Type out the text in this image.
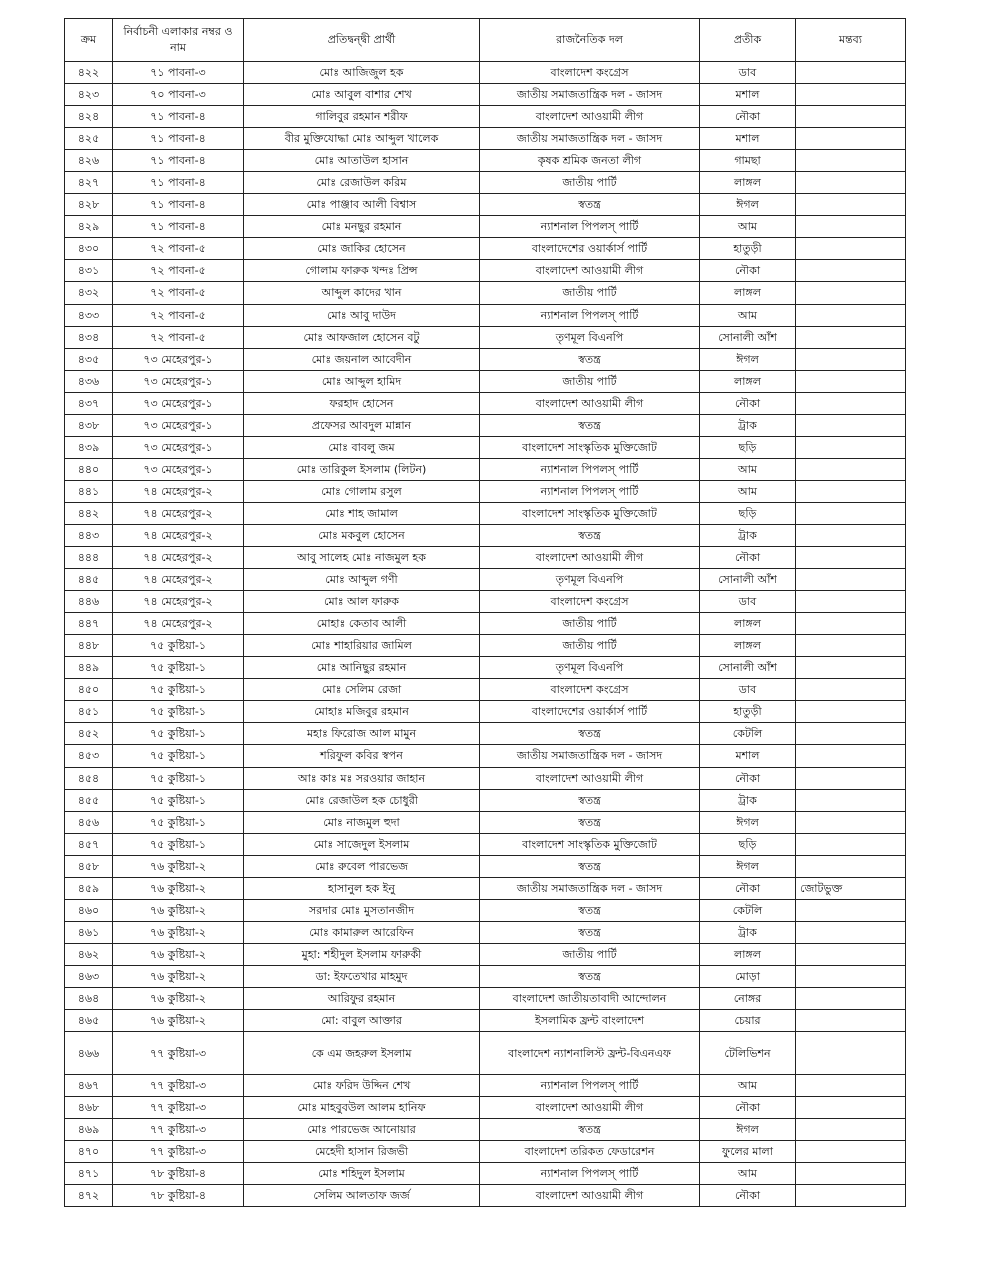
ক্রম	নির্বাচনী এলাকার নম্বর ও নাম	প্রতিদ্বন্দ্বী প্রার্থী	রাজনৈতিক দল	প্রতীক	মন্তব্য
৪২২	৭১ পাবনা-৩	মোঃ আজিজুল হক	বাংলাদেশ কংগ্রেস	ডাব	
৪২৩	৭০ পাবনা-৩	মোঃ আবুল বাশার শেখ	জাতীয় সমাজতান্ত্রিক দল - জাসদ	মশাল	
৪২৪	৭১ পাবনা-৪	গালিবুর রহমান শরীফ	বাংলাদেশ আওয়ামী লীগ	নৌকা	
৪২৫	৭১ পাবনা-৪	বীর মুক্তিযোদ্ধা মোঃ আব্দুল খালেক	জাতীয় সমাজতান্ত্রিক দল - জাসদ	মশাল	
৪২৬	৭১ পাবনা-৪	মোঃ আতাউল হাসান	কৃষক শ্রমিক জনতা লীগ	গামছা	
৪২৭	৭১ পাবনা-৪	মোঃ রেজাউল করিম	জাতীয় পার্টি	লাঙ্গল	
৪২৮	৭১ পাবনা-৪	মোঃ পাঞ্জাব আলী বিশ্বাস	স্বতন্ত্র	ঈগল	
৪২৯	৭১ পাবনা-৪	মোঃ মনছুর রহমান	ন্যাশনাল পিপলস্ পার্টি	আম	
৪৩০	৭২ পাবনা-৫	মোঃ জাকির হোসেন	বাংলাদেশের ওয়ার্কার্স পার্টি	হাতুড়ী	
৪৩১	৭২ পাবনা-৫	গোলাম ফারুক খন্দঃ প্রিন্স	বাংলাদেশ আওয়ামী লীগ	নৌকা	
৪৩২	৭২ পাবনা-৫	আব্দুল কাদের খান	জাতীয় পার্টি	লাঙ্গল	
৪৩৩	৭২ পাবনা-৫	মোঃ আবু দাউদ	ন্যাশনাল পিপলস্ পার্টি	আম	
৪৩৪	৭২ পাবনা-৫	মোঃ আফজাল হোসেন বটু	তৃণমূল বিএনপি	সোনালী আঁশ	
৪৩৫	৭৩ মেহেরপুর-১	মোঃ জয়নাল আবেদীন	স্বতন্ত্র	ঈগল	
৪৩৬	৭৩ মেহেরপুর-১	মোঃ আব্দুল হামিদ	জাতীয় পার্টি	লাঙ্গল	
৪৩৭	৭৩ মেহেরপুর-১	ফরহাদ হোসেন	বাংলাদেশ আওয়ামী লীগ	নৌকা	
৪৩৮	৭৩ মেহেরপুর-১	প্রফেসর আবদুল মান্নান	স্বতন্ত্র	ট্রাক	
৪৩৯	৭৩ মেহেরপুর-১	মোঃ বাবলু জম	বাংলাদেশ সাংস্কৃতিক মুক্তিজোট	ছড়ি	
৪৪০	৭৩ মেহেরপুর-১	মোঃ তারিকুল ইসলাম (লিটন)	ন্যাশনাল পিপলস্ পার্টি	আম	
৪৪১	৭৪ মেহেরপুর-২	মোঃ গোলাম রসুল	ন্যাশনাল পিপলস্ পার্টি	আম	
৪৪২	৭৪ মেহেরপুর-২	মোঃ শাহ জামাল	বাংলাদেশ সাংস্কৃতিক মুক্তিজোট	ছড়ি	
৪৪৩	৭৪ মেহেরপুর-২	মোঃ মকবুল হোসেন	স্বতন্ত্র	ট্রাক	
৪৪৪	৭৪ মেহেরপুর-২	আবু সালেহ মোঃ নাজমুল হক	বাংলাদেশ আওয়ামী লীগ	নৌকা	
৪৪৫	৭৪ মেহেরপুর-২	মোঃ আব্দুল গণী	তৃণমূল বিএনপি	সোনালী আঁশ	
৪৪৬	৭৪ মেহেরপুর-২	মোঃ আল ফারুক	বাংলাদেশ কংগ্রেস	ডাব	
৪৪৭	৭৪ মেহেরপুর-২	মোহাঃ কেতাব আলী	জাতীয় পার্টি	লাঙ্গল	
৪৪৮	৭৫ কুষ্টিয়া-১	মোঃ শাহারিয়ার জামিল	জাতীয় পার্টি	লাঙ্গল	
৪৪৯	৭৫ কুষ্টিয়া-১	মোঃ আনিছুর রহমান	তৃণমূল বিএনপি	সোনালী আঁশ	
৪৫০	৭৫ কুষ্টিয়া-১	মোঃ সেলিম রেজা	বাংলাদেশ কংগ্রেস	ডাব	
৪৫১	৭৫ কুষ্টিয়া-১	মোহাঃ মজিবুর রহমান	বাংলাদেশের ওয়ার্কার্স পার্টি	হাতুড়ী	
৪৫২	৭৫ কুষ্টিয়া-১	মহাঃ ফিরোজ আল মামুন	স্বতন্ত্র	কেটলি	
৪৫৩	৭৫ কুষ্টিয়া-১	শরিফুল কবির স্বপন	জাতীয় সমাজতান্ত্রিক দল - জাসদ	মশাল	
৪৫৪	৭৫ কুষ্টিয়া-১	আঃ কাঃ মঃ সরওয়ার জাহান	বাংলাদেশ আওয়ামী লীগ	নৌকা	
৪৫৫	৭৫ কুষ্টিয়া-১	মোঃ রেজাউল হক চোধুরী	স্বতন্ত্র	ট্রাক	
৪৫৬	৭৫ কুষ্টিয়া-১	মোঃ নাজমুল হুদা	স্বতন্ত্র	ঈগল	
৪৫৭	৭৫ কুষ্টিয়া-১	মোঃ সাজেদুল ইসলাম	বাংলাদেশ সাংস্কৃতিক মুক্তিজোট	ছড়ি	
৪৫৮	৭৬ কুষ্টিয়া-২	মোঃ রুবেল পারভেজ	স্বতন্ত্র	ঈগল	
৪৫৯	৭৬ কুষ্টিয়া-২	হাসানুল হক ইনু	জাতীয় সমাজতান্ত্রিক দল - জাসদ	নৌকা	জোটভুক্ত
৪৬০	৭৬ কুষ্টিয়া-২	সরদার মোঃ মুসতানজীদ	স্বতন্ত্র	কেটলি	
৪৬১	৭৬ কুষ্টিয়া-২	মোঃ কামারুল আরেফিন	স্বতন্ত্র	ট্রাক	
৪৬২	৭৬ কুষ্টিয়া-২	মুহা: শহীদুল ইসলাম ফারুকী	জাতীয় পার্টি	লাঙ্গল	
৪৬৩	৭৬ কুষ্টিয়া-২	ডা: ইফতেখার মাহমুদ	স্বতন্ত্র	মোড়া	
৪৬৪	৭৬ কুষ্টিয়া-২	আরিফুর রহমান	বাংলাদেশ জাতীয়তাবাদী আন্দোলন	নোঙ্গর	
৪৬৫	৭৬ কুষ্টিয়া-২	মো: বাবুল আক্তার	ইসলামিক ফ্রন্ট বাংলাদেশ	চেয়ার	
৪৬৬	৭৭ কুষ্টিয়া-৩	কে এম জহরুল ইসলাম	বাংলাদেশ ন্যাশনালিস্ট ফ্রন্ট-বিএনএফ	টেলিভিশন	
৪৬৭	৭৭ কুষ্টিয়া-৩	মোঃ ফরিদ উদ্দিন শেখ	ন্যাশনাল পিপলস্ পার্টি	আম	
৪৬৮	৭৭ কুষ্টিয়া-৩	মোঃ মাহবুবউল আলম হানিফ	বাংলাদেশ আওয়ামী লীগ	নৌকা	
৪৬৯	৭৭ কুষ্টিয়া-৩	মোঃ পারভেজ আনোয়ার	স্বতন্ত্র	ঈগল	
৪৭০	৭৭ কুষ্টিয়া-৩	মেহেদী হাসান রিজভী	বাংলাদেশ তরিকত ফেডারেশন	ফুলের মালা	
৪৭১	৭৮ কুষ্টিয়া-৪	মোঃ শহিদুল ইসলাম	ন্যাশনাল পিপলস্ পার্টি	আম	
৪৭২	৭৮ কুষ্টিয়া-৪	সেলিম আলতাফ জর্জ	বাংলাদেশ আওয়ামী লীগ	নৌকা	
